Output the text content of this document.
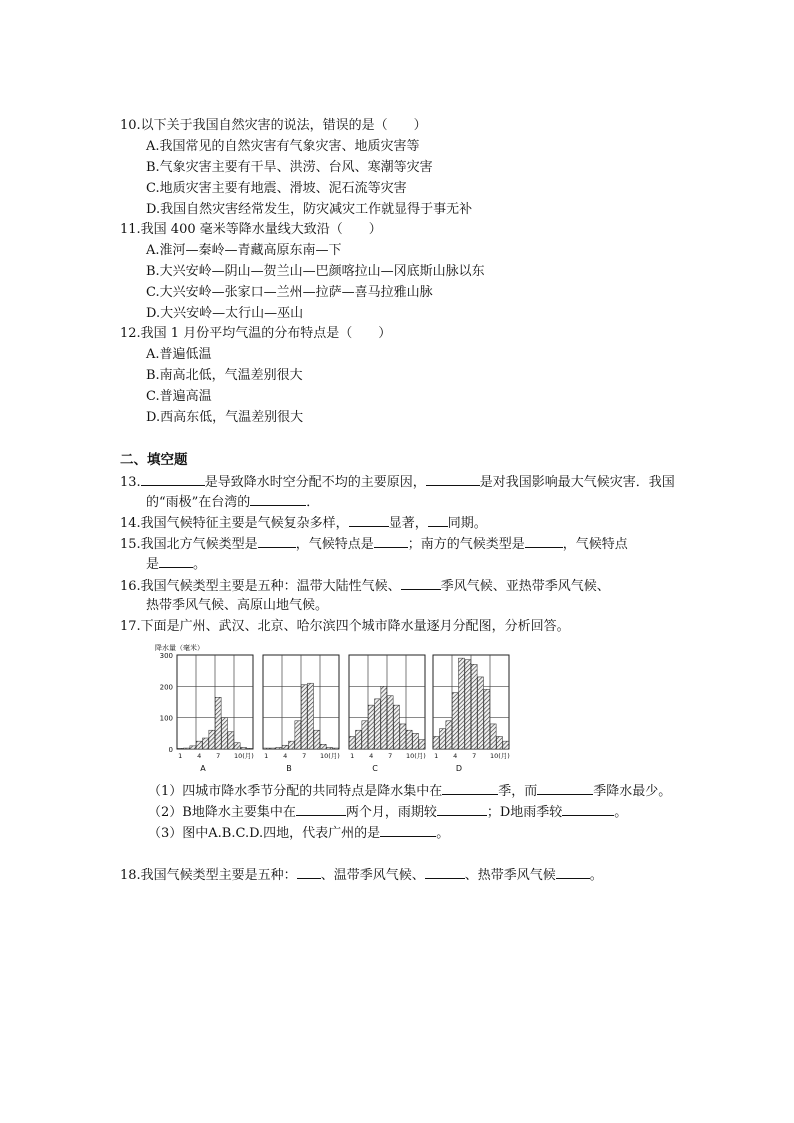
10.以下关于我国自然灾害的说法，错误的是（　　）
A.我国常见的自然灾害有气象灾害、地质灾害等
B.气象灾害主要有干旱、洪涝、台风、寒潮等灾害
C.地质灾害主要有地震、滑坡、泥石流等灾害
D.我国自然灾害经常发生，防灾减灾工作就显得于事无补
11.我国 400 毫米等降水量线大致沿（　　）
A.淮河—秦岭—青藏高原东南—下
B.大兴安岭—阴山—贺兰山—巴颜喀拉山—冈底斯山脉以东
C.大兴安岭—张家口—兰州—拉萨—喜马拉雅山脉
D.大兴安岭—太行山—巫山
12.我国 1 月份平均气温的分布特点是（　　）
A.普遍低温
B.南高北低，气温差别很大
C.普遍高温
D.西高东低，气温差别很大
二、填空题
13.	是导致降水时空分配不均的主要原因，	是对我国影响最大气候灾害．我国
的“雨极”在台湾的	．
14.我国气候特征主要是气候复杂多样，	显著， 同期。
15.我国北方气候类型是	，气候特点是	；南方的气候类型是	，气候特点
是	。
16.我国气候类型主要是五种：温带大陆性气候、	季风气候、亚热带季风气候、
热带季风气候、高原山地气候。
17.下面是广州、武汉、北京、哈尔滨四个城市降水量逐月分配图，分析回答。
降水量（毫米）
300
200
100
0
1 4 7 10(月)
A
1 4 7 10(月)
B
1 4 7 10(月)
C
1 4 7 10(月)
D
（1）四城市降水季节分配的共同特点是降水集中在	季，而	季降水最少。
（2）B地降水主要集中在	两个月，雨期较	；D地雨季较	。
（3）图中A.B.C.D.四地，代表广州的是	。
18.我国气候类型主要是五种： 、温带季风气候、	、热带季风气候	。
